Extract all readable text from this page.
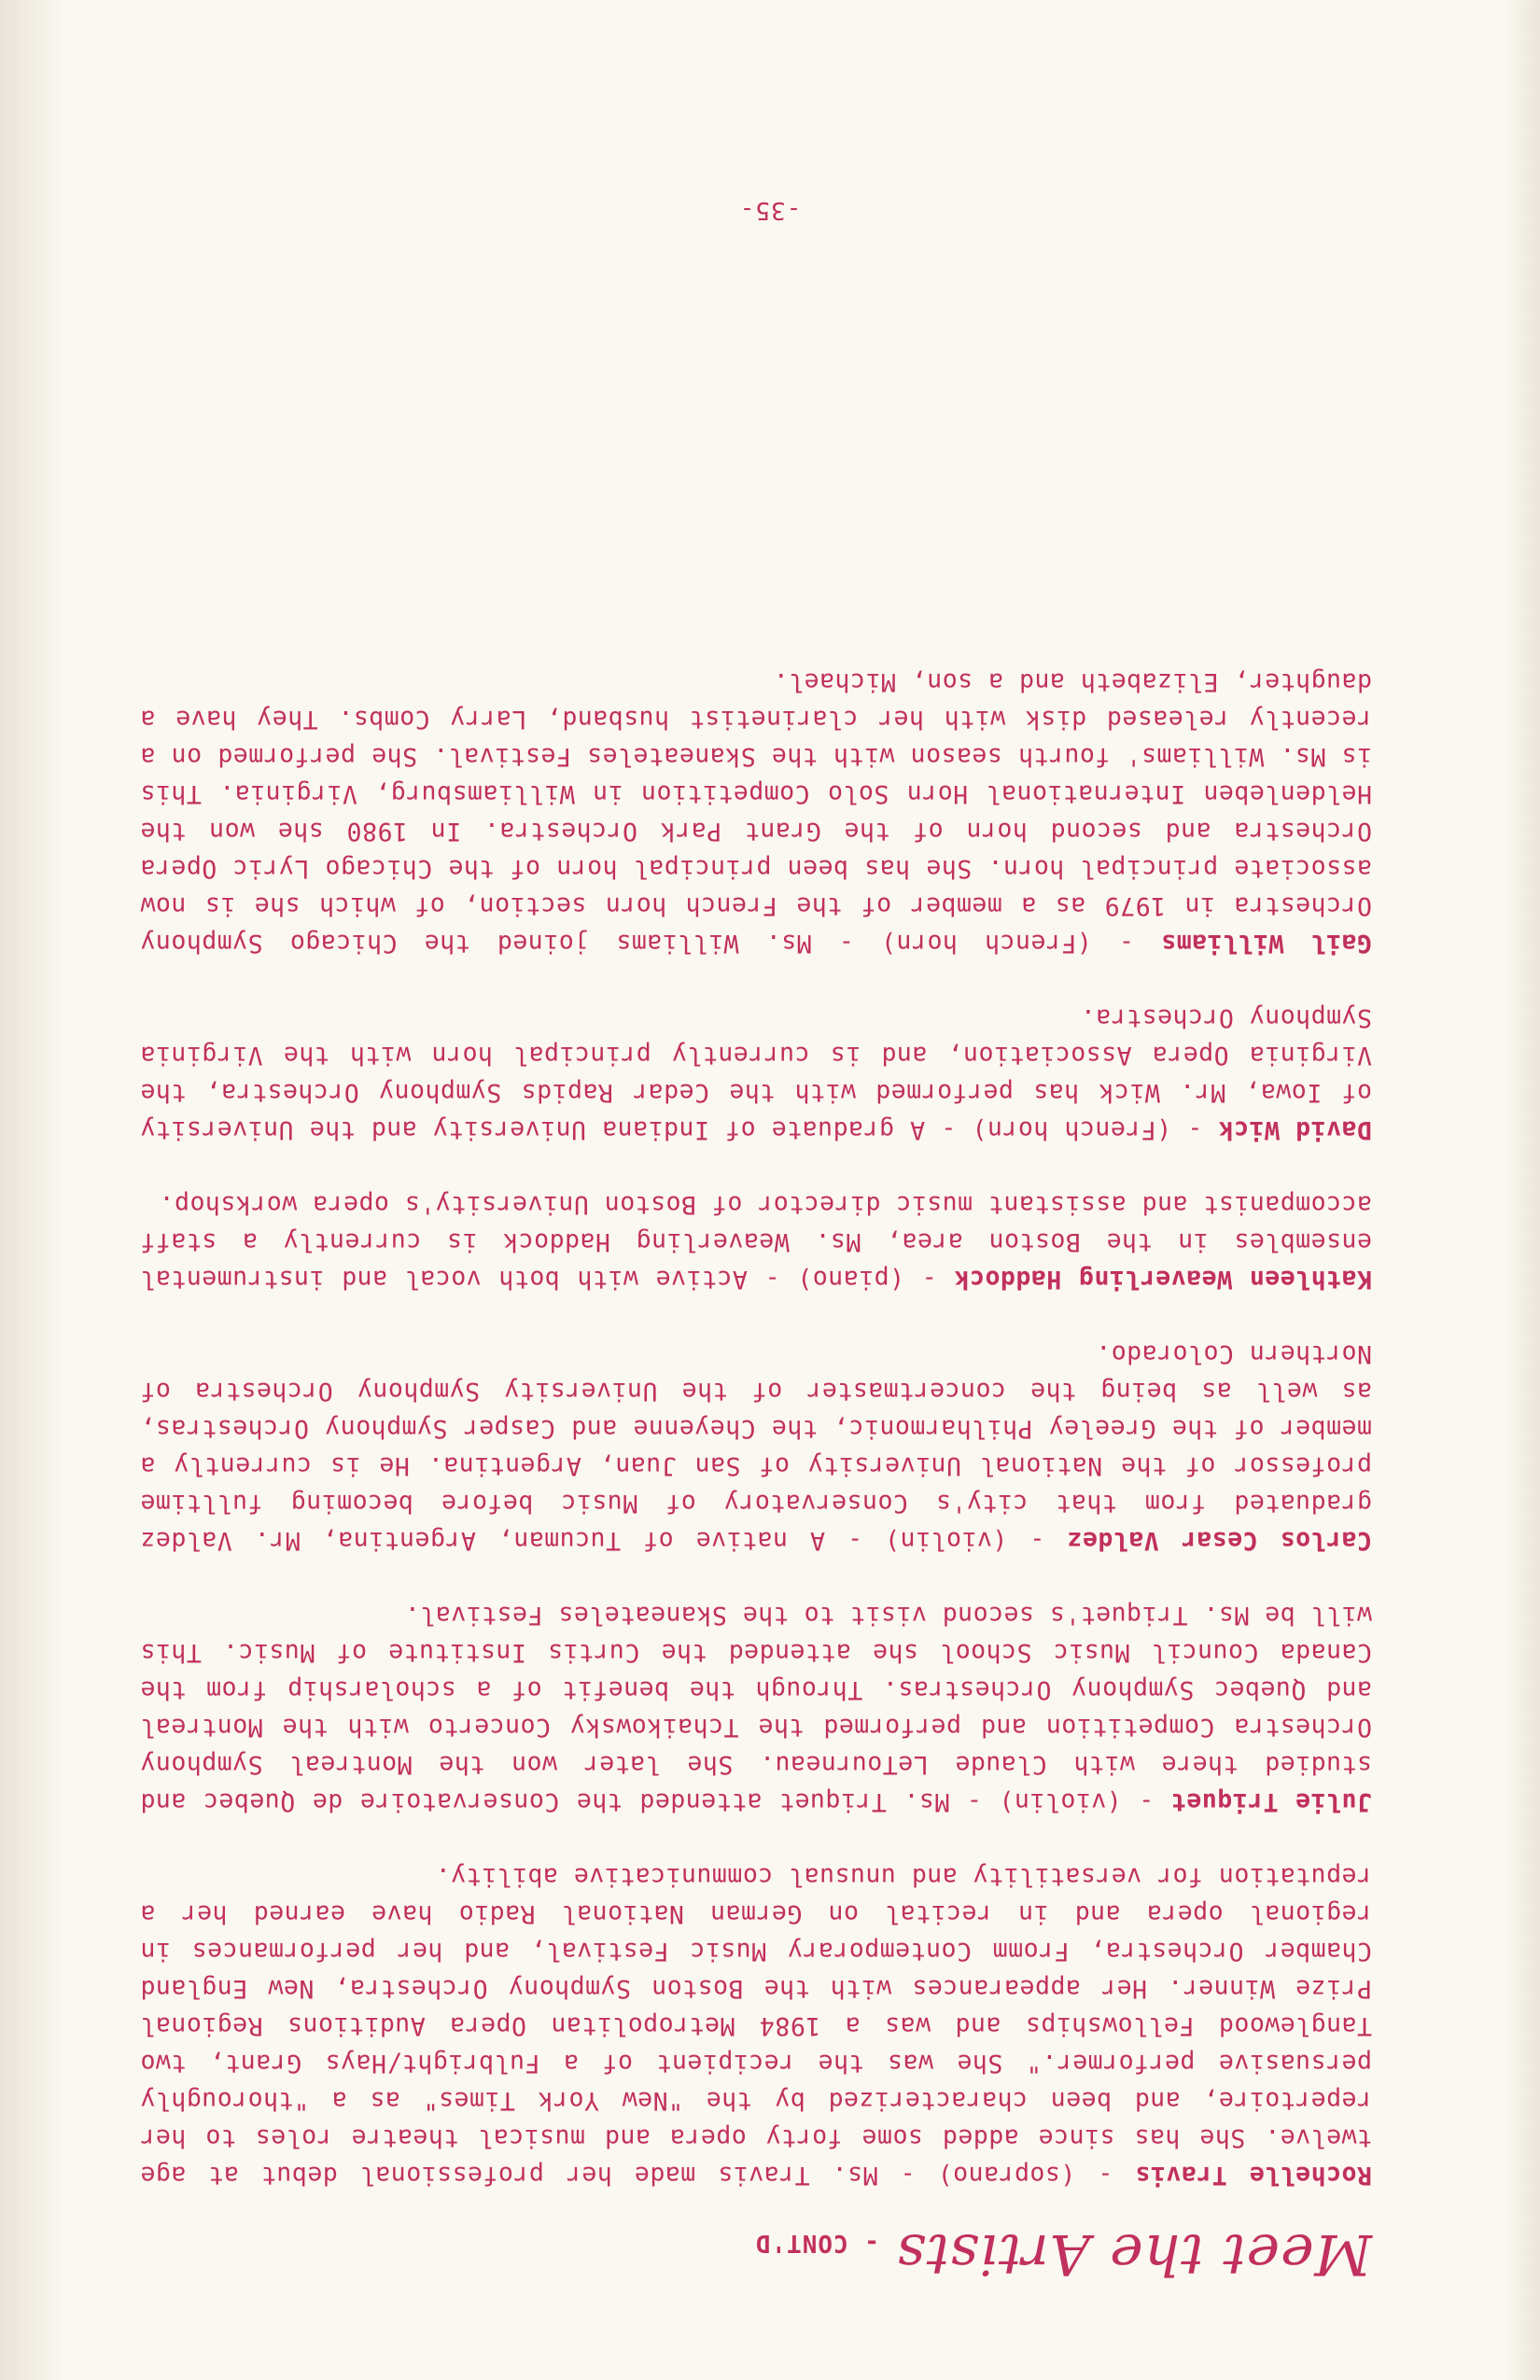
Meet the Artists
- CONT'D

Rochelle Travis - (soprano) - Ms. Travis made her professional debut at age twelve. She has since added some forty opera and musical theatre roles to her repertoire, and been characterized by the "New York Times" as a "thoroughly persuasive performer." She was the recipient of a Fulbright/Hays Grant, two Tanglewood Fellowships and was a 1984 Metropolitan Opera Auditions Regional Prize Winner. Her appearances with the Boston Symphony Orchestra, New England Chamber Orchestra, Fromm Contemporary Music Festival, and her performances in regional opera and in recital on German National Radio have earned her a reputation for versatility and unusual communicative ability.

Julie Triquet - (violin) - Ms. Triquet attended the Conservatoire de Quebec and studied there with Claude LeTourneau. She later won the Montreal Symphony Orchestra Competition and performed the Tchaikowsky Concerto with the Montreal and Quebec Symphony Orchestras. Through the benefit of a scholarship from the Canada Council Music School she attended the Curtis Institute of Music. This will be Ms. Triquet's second visit to the Skaneateles Festival.

Carlos Cesar Valdez - (violin) - A native of Tucuman, Argentina, Mr. Valdez graduated from that city's Conservatory of Music before becoming fulltime professor of the National University of San Juan, Argentina. He is currently a member of the Greeley Philharmonic, the Cheyenne and Casper Symphony Orchestras, as well as being the concertmaster of the University Symphony Orchestra of Northern Colorado.

Kathleen Weaverling Haddock - (piano) - Active with both vocal and instrumental ensembles in the Boston area, Ms. Weaverling Haddock is currently a staff accompanist and assistant music director of Boston University's opera workshop.

David Wick - (French horn) - A graduate of Indiana University and the University of Iowa, Mr. Wick has performed with the Cedar Rapids Symphony Orchestra, the Virginia Opera Association, and is currently principal horn with the Virginia Symphony Orchestra.

Gail Williams - (French horn) - Ms. Williams joined the Chicago Symphony Orchestra in 1979 as a member of the French horn section, of which she is now associate principal horn. She has been principal horn of the Chicago Lyric Opera Orchestra and second horn of the Grant Park Orchestra. In 1980 she won the Heldenleben International Horn Solo Competition in Williamsburg, Virginia. This is Ms. Williams' fourth season with the Skaneateles Festival. She performed on a recently released disk with her clarinetist husband, Larry Combs. They have a daughter, Elizabeth and a son, Michael.

-35-
